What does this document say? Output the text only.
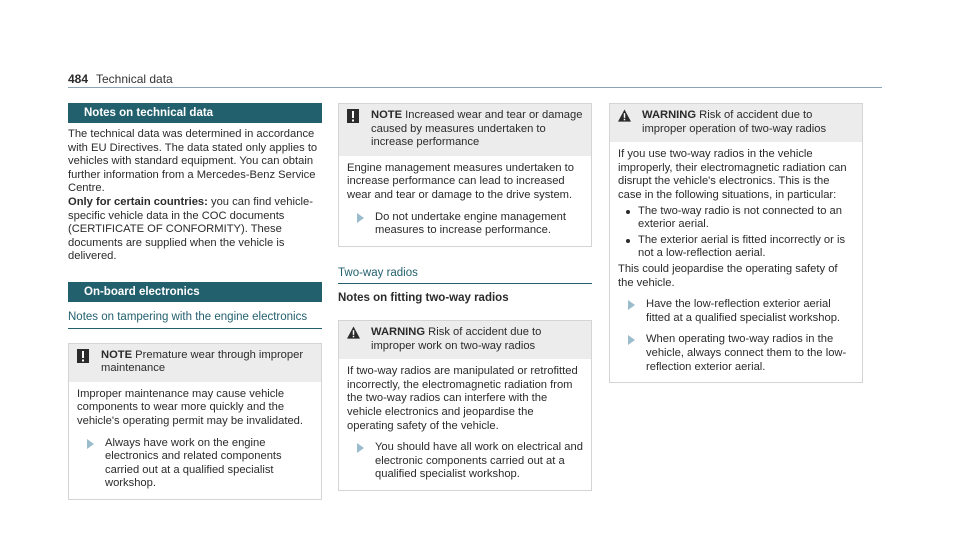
484 Technical data
Notes on technical data

The technical data was determined in accordance with EU Directives. The data stated only applies to vehicles with standard equipment. You can obtain further information from a Mercedes-Benz Service Centre.

Only for certain countries: you can find vehicle-specific vehicle data in the COC documents (CERTIFICATE OF CONFORMITY). These documents are supplied when the vehicle is delivered.

On-board electronics
Notes on tampering with the engine electronics
NOTE Premature wear through improper maintenance
Improper maintenance may cause vehicle components to wear more quickly and the vehicle's operating permit may be invalidated.
Always have work on the engine electronics and related components carried out at a qualified specialist workshop.
NOTE Increased wear and tear or damage caused by measures undertaken to increase performance
Engine management measures undertaken to increase performance can lead to increased wear and tear or damage to the drive system.
Do not undertake engine management measures to increase performance.
Two-way radios
Notes on fitting two-way radios
WARNING Risk of accident due to improper work on two-way radios
If two-way radios are manipulated or retrofitted incorrectly, the electromagnetic radiation from the two-way radios can interfere with the vehicle electronics and jeopardise the operating safety of the vehicle.
You should have all work on electrical and electronic components carried out at a qualified specialist workshop.
WARNING Risk of accident due to improper operation of two-way radios
If you use two-way radios in the vehicle improperly, their electromagnetic radiation can disrupt the vehicle's electronics. This is the case in the following situations, in particular:
The two-way radio is not connected to an exterior aerial.
The exterior aerial is fitted incorrectly or is not a low-reflection aerial.
This could jeopardise the operating safety of the vehicle.
Have the low-reflection exterior aerial fitted at a qualified specialist workshop.
When operating two-way radios in the vehicle, always connect them to the low-reflection exterior aerial.
